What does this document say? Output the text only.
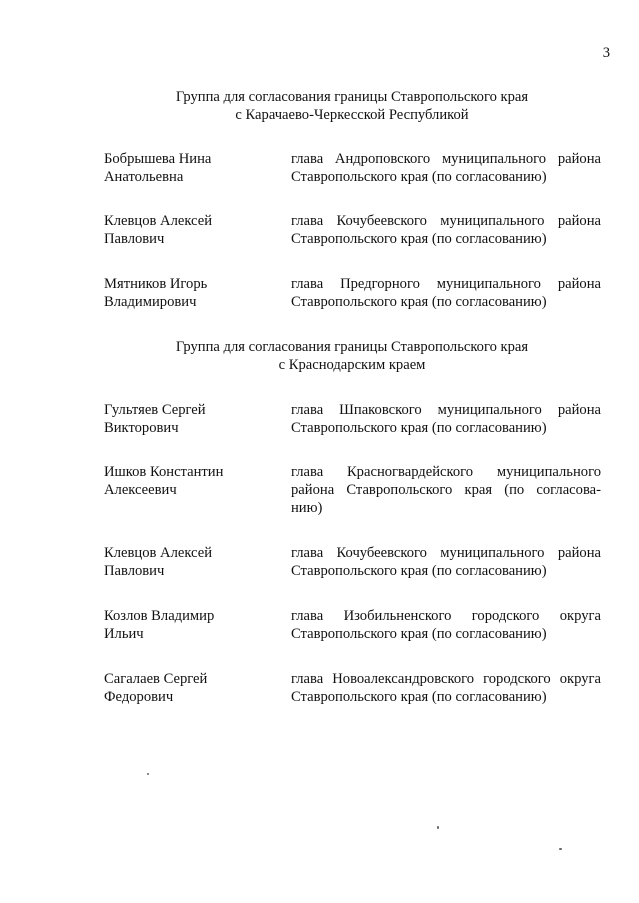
3
Группа для согласования границы Ставропольского края
с Карачаево-Черкесской Республикой
Бобрышева Нина
Анатольевна
глава Андроповского муниципального района
Ставропольского края (по согласованию)
Клевцов Алексей
Павлович
глава Кочубеевского муниципального района
Ставропольского края (по согласованию)
Мятников Игорь
Владимирович
глава Предгорного муниципального района
Ставропольского края (по согласованию)
Группа для согласования границы Ставропольского края
с Краснодарским краем
Гультяев Сергей
Викторович
глава Шпаковского муниципального района
Ставропольского края (по согласованию)
Ишков Константин
Алексеевич
глава Красногвардейского муниципального
района Ставропольского края (по согласова-
нию)
Клевцов Алексей
Павлович
глава Кочубеевского муниципального района
Ставропольского края (по согласованию)
Козлов Владимир
Ильич
глава Изобильненского городского округа
Ставропольского края (по согласованию)
Сагалаев Сергей
Федорович
глава Новоалександровского городского округа
Ставропольского края (по согласованию)
